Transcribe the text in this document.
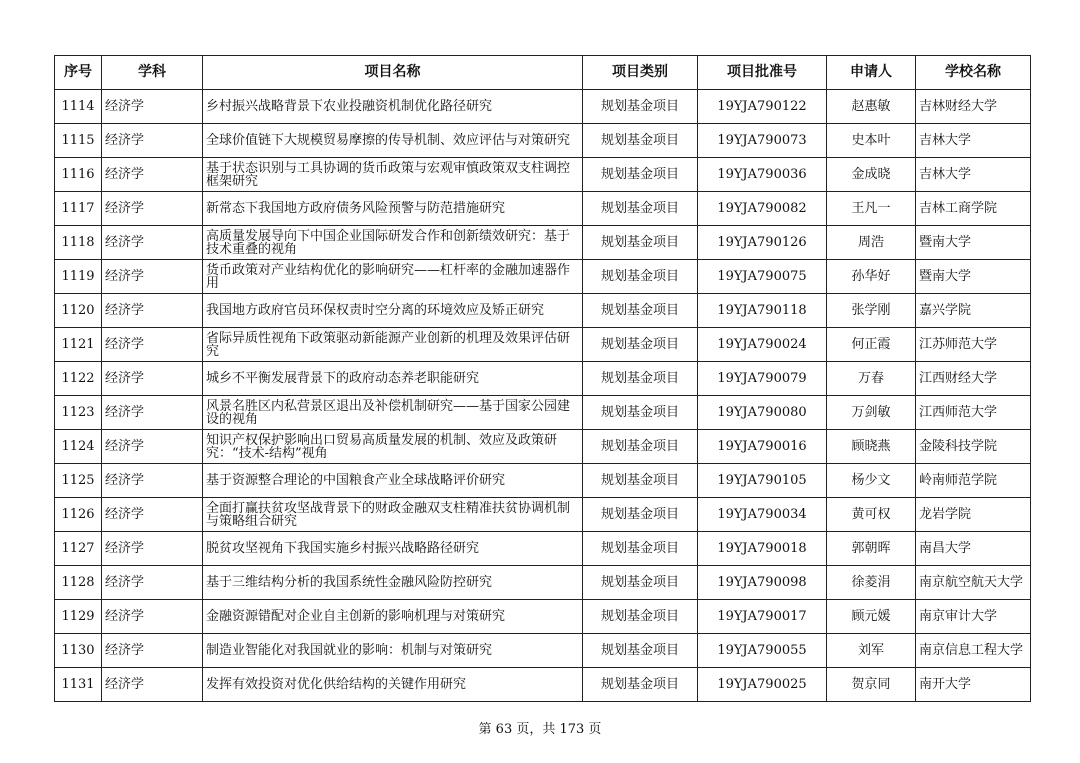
序号	学科	项目名称	项目类别	项目批准号	申请人	学校名称
1114	经济学	乡村振兴战略背景下农业投融资机制优化路径研究	规划基金项目	19YJA790122	赵惠敏	吉林财经大学
1115	经济学	全球价值链下大规模贸易摩擦的传导机制、效应评估与对策研究	规划基金项目	19YJA790073	史本叶	吉林大学
1116	经济学	基于状态识别与工具协调的货币政策与宏观审慎政策双支柱调控框架研究	规划基金项目	19YJA790036	金成晓	吉林大学
1117	经济学	新常态下我国地方政府债务风险预警与防范措施研究	规划基金项目	19YJA790082	王凡一	吉林工商学院
1118	经济学	高质量发展导向下中国企业国际研发合作和创新绩效研究：基于技术重叠的视角	规划基金项目	19YJA790126	周浩	暨南大学
1119	经济学	货币政策对产业结构优化的影响研究——杠杆率的金融加速器作用	规划基金项目	19YJA790075	孙华好	暨南大学
1120	经济学	我国地方政府官员环保权责时空分离的环境效应及矫正研究	规划基金项目	19YJA790118	张学刚	嘉兴学院
1121	经济学	省际异质性视角下政策驱动新能源产业创新的机理及效果评估研究	规划基金项目	19YJA790024	何正霞	江苏师范大学
1122	经济学	城乡不平衡发展背景下的政府动态养老职能研究	规划基金项目	19YJA790079	万春	江西财经大学
1123	经济学	风景名胜区内私营景区退出及补偿机制研究——基于国家公园建设的视角	规划基金项目	19YJA790080	万剑敏	江西师范大学
1124	经济学	知识产权保护影响出口贸易高质量发展的机制、效应及政策研究：“技术-结构”视角	规划基金项目	19YJA790016	顾晓燕	金陵科技学院
1125	经济学	基于资源整合理论的中国粮食产业全球战略评价研究	规划基金项目	19YJA790105	杨少文	岭南师范学院
1126	经济学	全面打赢扶贫攻坚战背景下的财政金融双支柱精准扶贫协调机制与策略组合研究	规划基金项目	19YJA790034	黄可权	龙岩学院
1127	经济学	脱贫攻坚视角下我国实施乡村振兴战略路径研究	规划基金项目	19YJA790018	郭朝晖	南昌大学
1128	经济学	基于三维结构分析的我国系统性金融风险防控研究	规划基金项目	19YJA790098	徐菱涓	南京航空航天大学
1129	经济学	金融资源错配对企业自主创新的影响机理与对策研究	规划基金项目	19YJA790017	顾元媛	南京审计大学
1130	经济学	制造业智能化对我国就业的影响：机制与对策研究	规划基金项目	19YJA790055	刘军	南京信息工程大学
1131	经济学	发挥有效投资对优化供给结构的关键作用研究	规划基金项目	19YJA790025	贺京同	南开大学
第 63 页，共 173 页
